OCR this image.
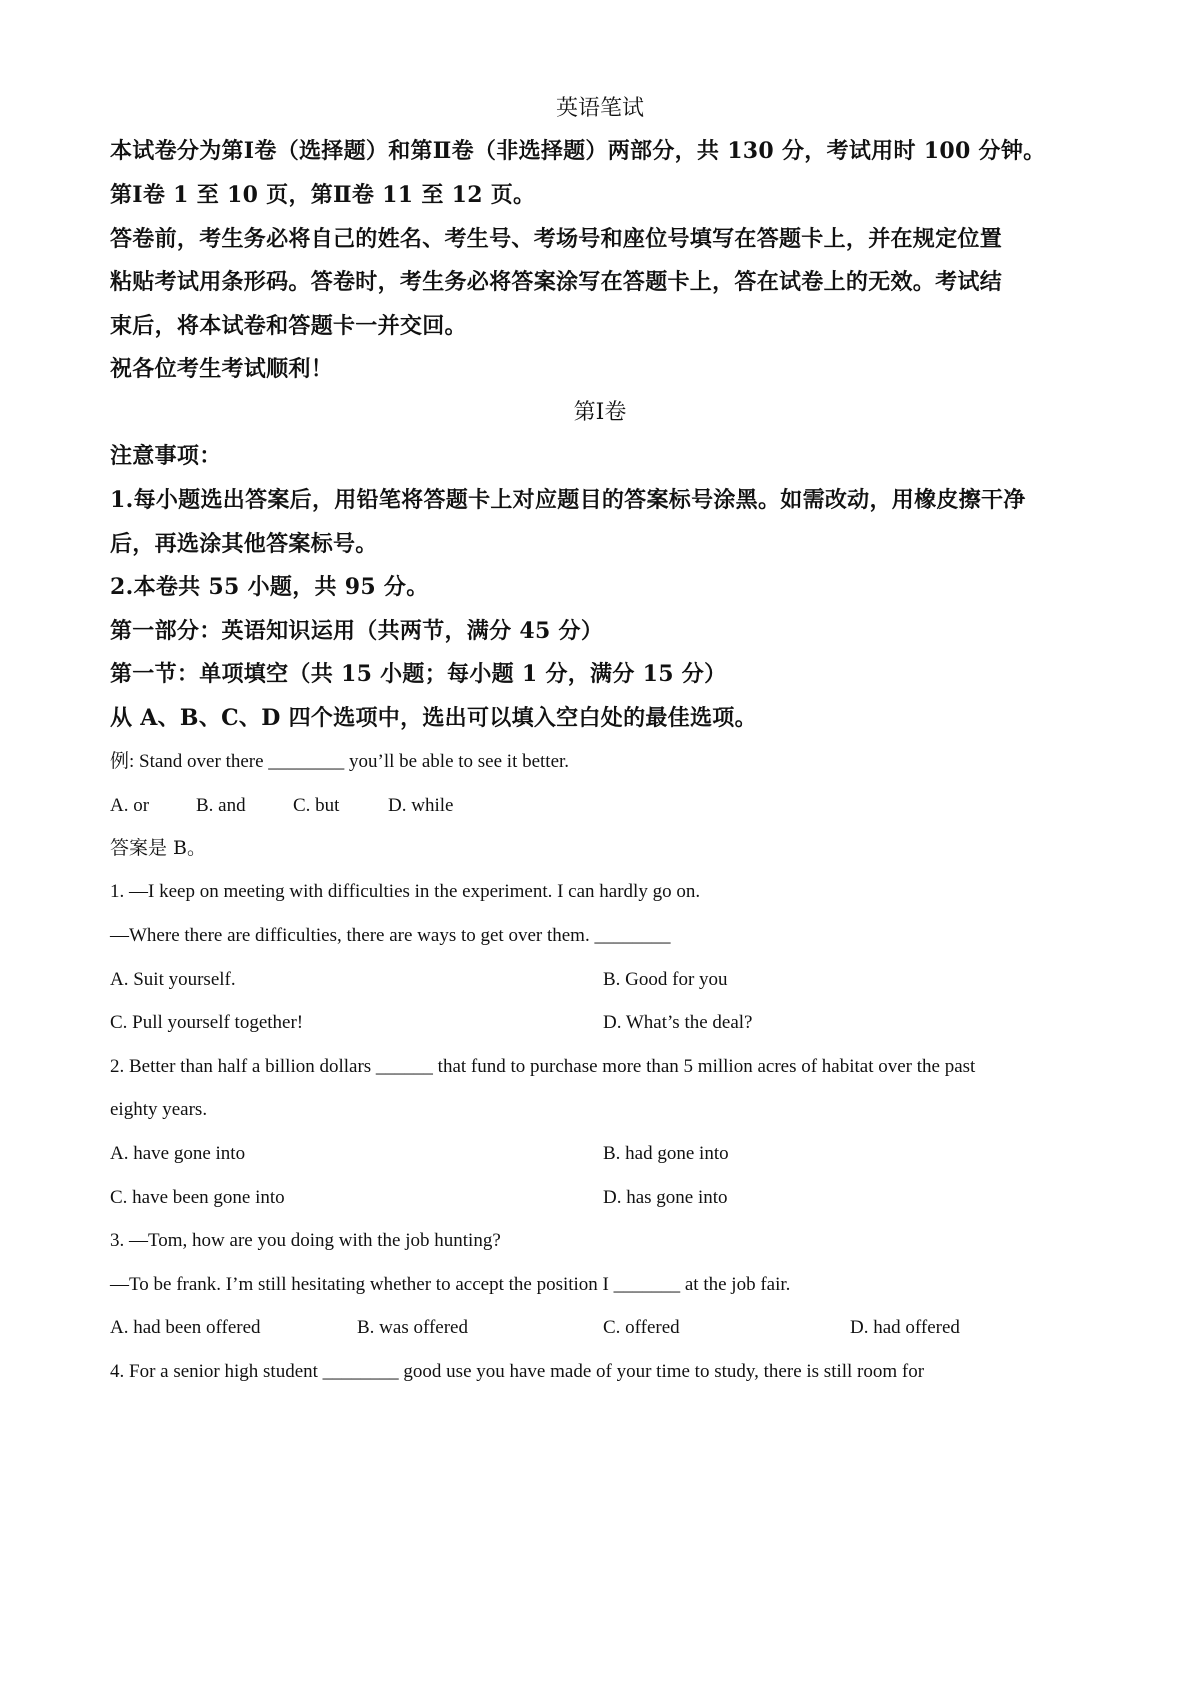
英语笔试
本试卷分为第Ⅰ卷（选择题）和第Ⅱ卷（非选择题）两部分，共 130 分，考试用时 100 分钟。
第Ⅰ卷 1 至 10 页，第Ⅱ卷 11 至 12 页。
答卷前，考生务必将自己的姓名、考生号、考场号和座位号填写在答题卡上，并在规定位置
粘贴考试用条形码。答卷时，考生务必将答案涂写在答题卡上，答在试卷上的无效。考试结
束后，将本试卷和答题卡一并交回。
祝各位考生考试顺利！
第Ⅰ卷
注意事项：
1.每小题选出答案后，用铅笔将答题卡上对应题目的答案标号涂黑。如需改动，用橡皮擦干净
后，再选涂其他答案标号。
2.本卷共 55 小题，共 95 分。
第一部分：英语知识运用（共两节，满分 45 分）
第一节：单项填空（共 15 小题；每小题 1 分，满分 15 分）
从 A、B、C、D 四个选项中，选出可以填入空白处的最佳选项。
例: Stand over there ________ you’ll be able to see it better.
A. or B. and C. but	D. while
答案是 B。
1. —I keep on meeting with difficulties in the experiment. I can hardly go on.
—Where there are difficulties, there are ways to get over them. ________
A. Suit yourself.	B. Good for you
C. Pull yourself together!	D. What’s the deal?
2. Better than half a billion dollars ______ that fund to purchase more than 5 million acres of habitat over the past
eighty years.
A. have gone into	B. had gone into
C. have been gone into	D. has gone into
3. —Tom, how are you doing with the job hunting?
—To be frank. I’m still hesitating whether to accept the position I _______ at the job fair.
A. had been offered	B. was offered	C. offered	D. had offered
4. For a senior high student ________ good use you have made of your time to study, there is still room for
